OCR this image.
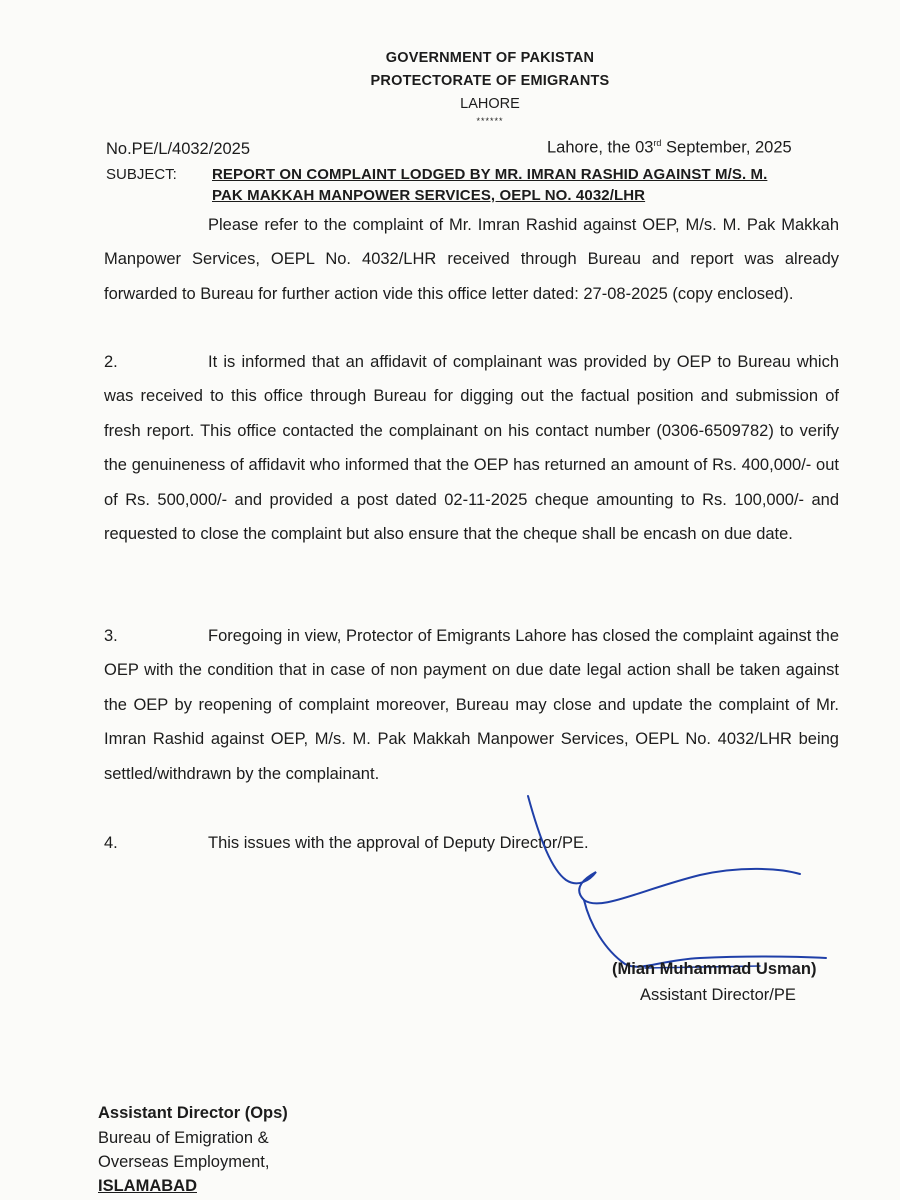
GOVERNMENT OF PAKISTAN
PROTECTORATE OF EMIGRANTS
LAHORE
******
No.PE/L/4032/2025	Lahore, the 03rd September, 2025
SUBJECT: REPORT ON COMPLAINT LODGED BY MR. IMRAN RASHID AGAINST M/S. M.
PAK MAKKAH MANPOWER SERVICES, OEPL NO. 4032/LHR
Please refer to the complaint of Mr. Imran Rashid against OEP, M/s. M. Pak Makkah Manpower Services, OEPL No. 4032/LHR received through Bureau and report was already forwarded to Bureau for further action vide this office letter dated: 27-08-2025 (copy enclosed).
2.	It is informed that an affidavit of complainant was provided by OEP to Bureau which was received to this office through Bureau for digging out the factual position and submission of fresh report. This office contacted the complainant on his contact number (0306-6509782) to verify the genuineness of affidavit who informed that the OEP has returned an amount of Rs. 400,000/- out of Rs. 500,000/- and provided a post dated 02-11-2025 cheque amounting to Rs. 100,000/- and requested to close the complaint but also ensure that the cheque shall be encash on due date.
3.	Foregoing in view, Protector of Emigrants Lahore has closed the complaint against the OEP with the condition that in case of non payment on due date legal action shall be taken against the OEP by reopening of complaint moreover, Bureau may close and update the complaint of Mr. Imran Rashid against OEP, M/s. M. Pak Makkah Manpower Services, OEPL No. 4032/LHR being settled/withdrawn by the complainant.
4.	This issues with the approval of Deputy Director/PE.
(Mian Muhammad Usman)
Assistant Director/PE
Assistant Director (Ops)
Bureau of Emigration &
Overseas Employment,
ISLAMABAD
